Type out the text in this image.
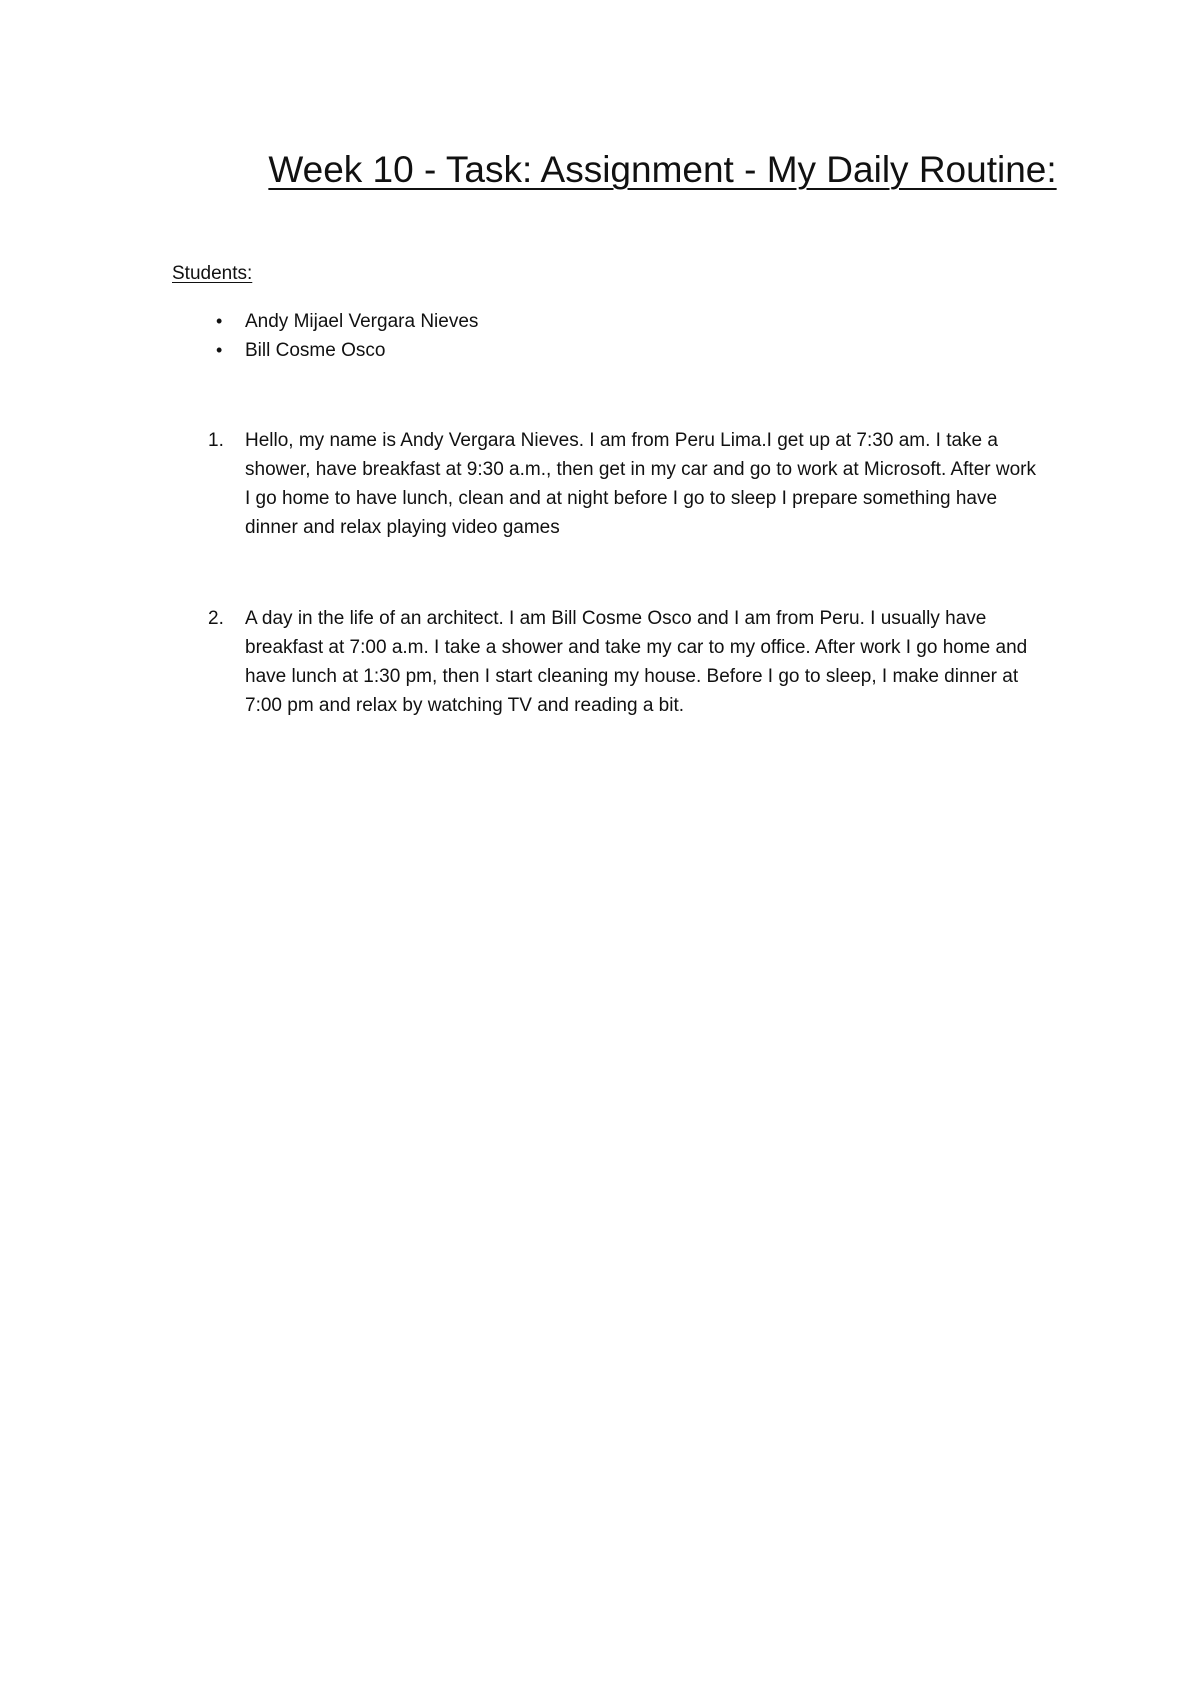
Week 10 - Task: Assignment - My Daily Routine:
Students:
• Andy Mijael Vergara Nieves
• Bill Cosme Osco
1. Hello, my name is Andy Vergara Nieves. I am from Peru Lima.I get up at 7:30 am. I take a shower, have breakfast at 9:30 a.m., then get in my car and go to work at Microsoft. After work I go home to have lunch, clean and at night before I go to sleep I prepare something have dinner and relax playing video games
2. A day in the life of an architect. I am Bill Cosme Osco and I am from Peru. I usually have breakfast at 7:00 a.m. I take a shower and take my car to my office. After work I go home and have lunch at 1:30 pm, then I start cleaning my house. Before I go to sleep, I make dinner at 7:00 pm and relax by watching TV and reading a bit.
